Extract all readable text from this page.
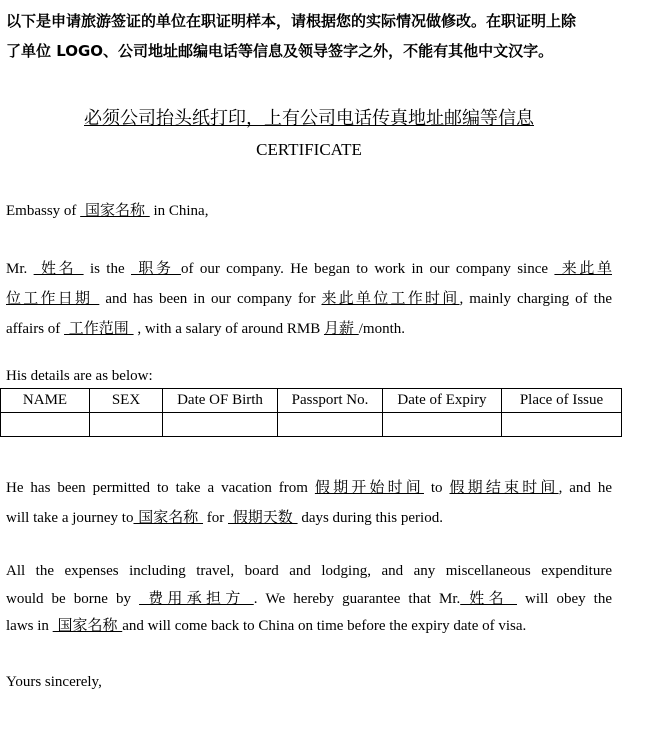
以下是申请旅游签证的单位在职证明样本，请根据您的实际情况做修改。在职证明上除
了单位 LOGO、公司地址邮编电话等信息及领导签字之外，不能有其他中文汉字。
必须公司抬头纸打印，上有公司电话传真地址邮编等信息
CERTIFICATE
Embassy of  国家名称  in China,
Mr.  姓名  is the  职务 of our company. He began to work in our company since  来此单
位工作日期  and has been in our company for 来此单位工作时间, mainly charging of the
affairs of  工作范围  , with a salary of around RMB 月薪 /month.
His details are as below:
NAME	SEX	Date OF Birth	Passport No.	Date of Expiry	Place of Issue

He has been permitted to take a vacation from 假期开始时间 to 假期结束时间, and he
will take a journey to 国家名称  for  假期天数  days during this period.
All the expenses including travel, board and lodging, and any miscellaneous expenditure
would be borne by  费用承担方 . We hereby guarantee that Mr. 姓名  will obey the
laws in  国家名称 and will come back to China on time before the expiry date of visa.
Yours sincerely,
